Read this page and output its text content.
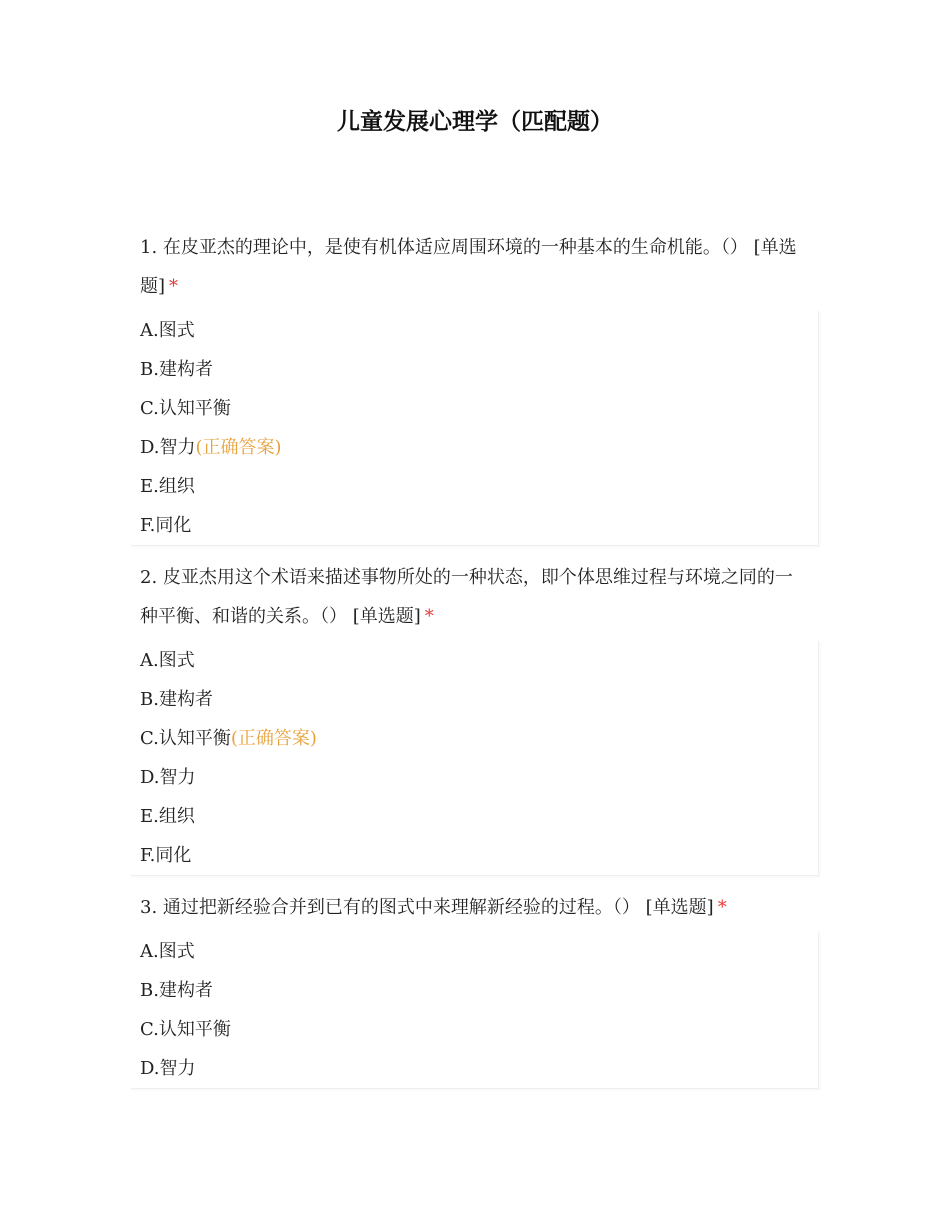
儿童发展心理学（匹配题）

1. 在皮亚杰的理论中，是使有机体适应周围环境的一种基本的生命机能。（） [单选题] *

A.图式
B.建构者
C.认知平衡
D.智力(正确答案)
E.组织
F.同化

2. 皮亚杰用这个术语来描述事物所处的一种状态，即个体思维过程与环境之同的一种平衡、和谐的关系。（） [单选题] *

A.图式
B.建构者
C.认知平衡(正确答案)
D.智力
E.组织
F.同化

3. 通过把新经验合并到已有的图式中来理解新经验的过程。（） [单选题] *

A.图式
B.建构者
C.认知平衡
D.智力
